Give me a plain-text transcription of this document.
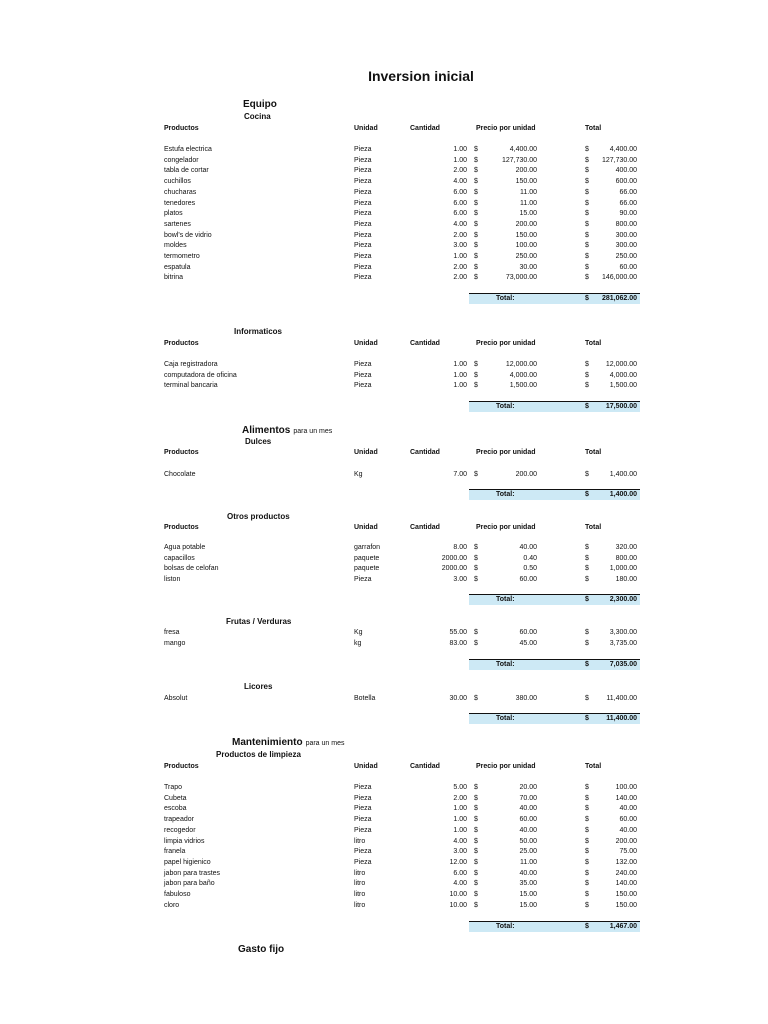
Inversion inicial
Equipo
Alimentos para un mes
Mantenimiento para un mes
Gasto fijo
Cocina
Productos	Unidad	Cantidad	Precio por unidad	Total
Estufa electrica	Pieza	1.00 $	4,400.00	$	4,400.00
congelador	Pieza	1.00 $	127,730.00	$	127,730.00
tabla de cortar	Pieza	2.00 $	200.00	$	400.00
cuchillos	Pieza	4.00 $	150.00	$	600.00
chucharas	Pieza	6.00 $	11.00	$	66.00
tenedores	Pieza	6.00 $	11.00	$	66.00
platos	Pieza	6.00 $	15.00	$	90.00
sartenes	Pieza	4.00 $	200.00	$	800.00
bowl's de vidrio	Pieza	2.00 $	150.00	$	300.00
moldes	Pieza	3.00 $	100.00	$	300.00
termometro	Pieza	1.00 $	250.00	$	250.00
espatula	Pieza	2.00 $	30.00	$	60.00
bitrina	Pieza	2.00 $	73,000.00	$	146,000.00
Total:	$ 281,062.00
Informaticos
Productos	Unidad	Cantidad	Precio por unidad	Total
Caja registradora	Pieza	1.00 $	12,000.00	$	12,000.00
computadora de oficina	Pieza	1.00 $	4,000.00	$	4,000.00
terminal bancaria	Pieza	1.00 $	1,500.00	$	1,500.00
Total:	$ 17,500.00
Dulces
Productos	Unidad	Cantidad	Precio por unidad	Total
Chocolate	Kg	7.00 $	200.00	$	1,400.00
Total:	$	1,400.00
Otros productos
Productos	Unidad	Cantidad	Precio por unidad	Total
Agua potable	garrafon	8.00 $	40.00	$	320.00
capacillos	paquete	2000.00 $	0.40	$	800.00
bolsas de celofan	paquete	2000.00 $	0.50	$	1,000.00
liston	Pieza	3.00 $	60.00	$	180.00
Total:	$	2,300.00
Frutas / Verduras
fresa	Kg	55.00 $	60.00	$	3,300.00
mango	kg	83.00 $	45.00	$	3,735.00
Total:	$	7,035.00
Licores
Absolut	Botella	30.00 $	380.00	$	11,400.00
Total:	$ 11,400.00
Productos de limpieza
Productos	Unidad	Cantidad	Precio por unidad	Total
Trapo	Pieza	5.00 $	20.00	$	100.00
Cubeta	Pieza	2.00 $	70.00	$	140.00
escoba	Pieza	1.00 $	40.00	$	40.00
trapeador	Pieza	1.00 $	60.00	$	60.00
recogedor	Pieza	1.00 $	40.00	$	40.00
limpia vidrios	litro	4.00 $	50.00	$	200.00
franela	Pieza	3.00 $	25.00	$	75.00
papel higienico	Pieza	12.00 $	11.00	$	132.00
jabon para trastes	litro	6.00 $	40.00	$	240.00
jabon para baño	litro	4.00 $	35.00	$	140.00
fabuloso	litro	10.00 $	15.00	$	150.00
cloro	litro	10.00 $	15.00	$	150.00
Total:	$	1,467.00
